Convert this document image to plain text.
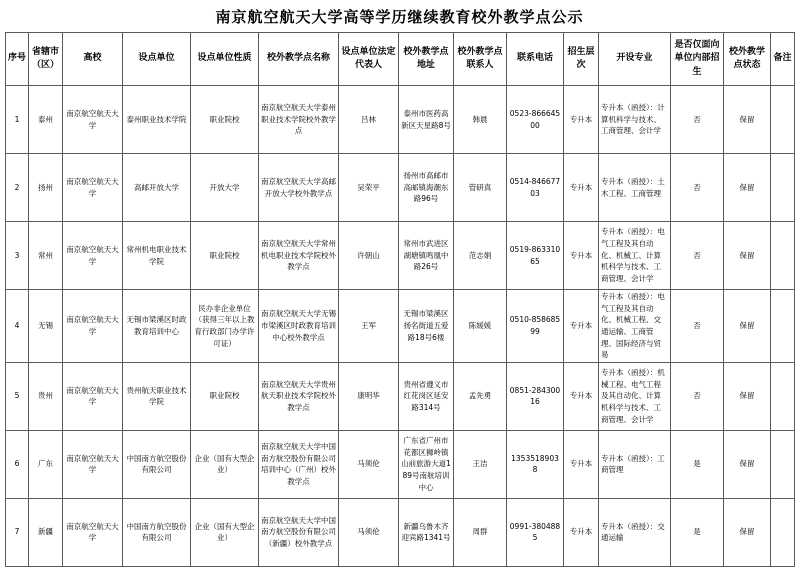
南京航空航天大学高等学历继续教育校外教学点公示
序号	省辖市（区）	高校	设点单位	设点单位性质	校外教学点名称	设点单位法定代表人	校外教学点地址	校外教学点联系人	联系电话	招生层次	开设专业	是否仅面向单位内部招生	校外教学点状态	备注
1	泰州	南京航空航天大学	泰州职业技术学院	职业院校	南京航空航天大学泰州职业技术学院校外教学点	吕林	泰州市医药高新区天星路8号	韩晨	0523-86664500	专升本	专升本（函授）：计算机科学与技术、工商管理、会计学	否	保留	
2	扬州	南京航空航天大学	高邮开放大学	开放大学	南京航空航天大学高邮开放大学校外教学点	吴荣平	扬州市高邮市高邮镇海潮东路96号	管研真	0514-84667703	专升本	专升本（函授）：土木工程、工商管理	否	保留	
3	常州	南京航空航天大学	常州机电职业技术学院	职业院校	南京航空航天大学常州机电职业技术学院校外教学点	许朝山	常州市武进区湖塘镇鸣凰中路26号	范志娟	0519-86331065	专升本	专升本（函授）：电气工程及其自动化、机械工、计算机科学与技术、工商管理、会计学	否	保留	
4	无锡	南京航空航天大学	无锡市梁溪区时政教育培训中心	民办非企业单位（获得三年以上教育行政部门办学许可证）	南京航空航天大学无锡市梁溪区时政教育培训中心校外教学点	王军	无锡市梁溪区扬名街道五爱路18号6楼	陈媛媛	0510-85868599	专升本	专升本（函授）：电气工程及其自动化、机械工程、交通运输、工商管理、国际经济与贸易	否	保留	
5	贵州	南京航空航天大学	贵州航天职业技术学院	职业院校	南京航空航天大学贵州航天职业技术学院校外教学点	康明华	贵州省遵义市红花岗区延安路314号	孟先勇	0851-28430016	专升本	专升本（函授）：机械工程、电气工程及其自动化、计算机科学与技术、工商管理、会计学	否	保留	
6	广东	南京航空航天大学	中国南方航空股份有限公司	企业（国有大型企业）	南京航空航天大学中国南方航空股份有限公司培训中心（广州）校外教学点	马须伦	广东省广州市花都区狮岭镇山前旅游大道189号南航培训中心	王洁	13535189038	专升本	专升本（函授）：工商管理	是	保留	
7	新疆	南京航空航天大学	中国南方航空股份有限公司	企业（国有大型企业）	南京航空航天大学中国南方航空股份有限公司（新疆）校外教学点	马须伦	新疆乌鲁木齐迎宾路1341号	周群	0991-3804885	专升本	专升本（函授）：交通运输	是	保留	
